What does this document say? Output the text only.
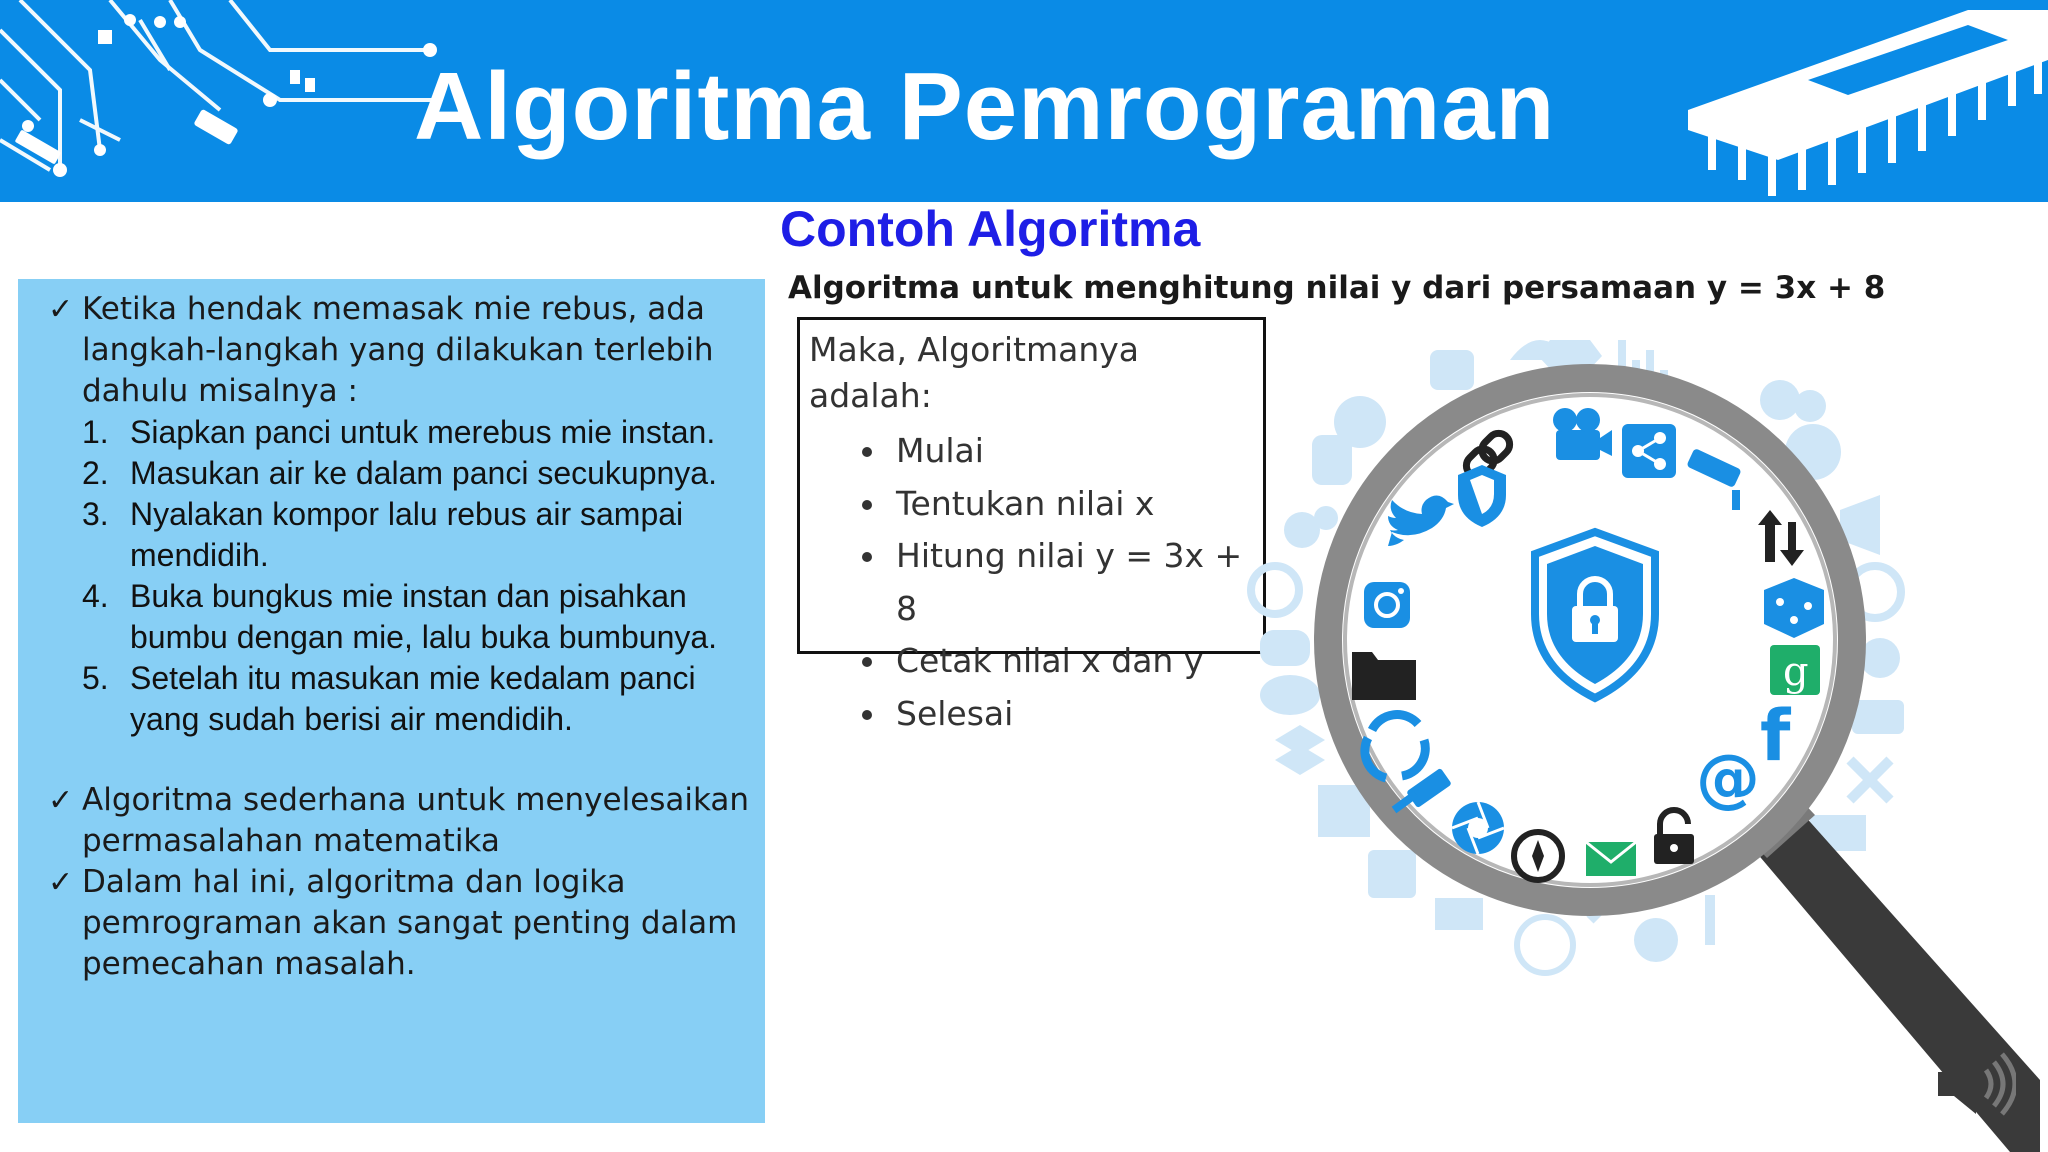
Algoritma Pemrograman
Contoh Algoritma
Algoritma untuk menghitung nilai y dari persamaan y = 3x + 8
✓ Ketika hendak memasak mie rebus, ada langkah-langkah yang dilakukan terlebih dahulu misalnya :
1. Siapkan panci untuk merebus mie instan.
2. Masukan air ke dalam panci secukupnya.
3. Nyalakan kompor lalu rebus air sampai mendidih.
4. Buka bungkus mie instan dan pisahkan bumbu dengan mie, lalu buka bumbunya.
5. Setelah itu masukan mie kedalam panci yang sudah berisi air mendidih.
✓ Algoritma sederhana untuk menyelesaikan permasalahan matematika
✓ Dalam hal ini, algoritma dan logika pemrograman akan sangat penting dalam pemecahan masalah.
Maka, Algoritmanya adalah:
Mulai
Tentukan nilai x
Hitung nilai y = 3x + 8
Cetak nilai x dan y
Selesai
@
f
g
